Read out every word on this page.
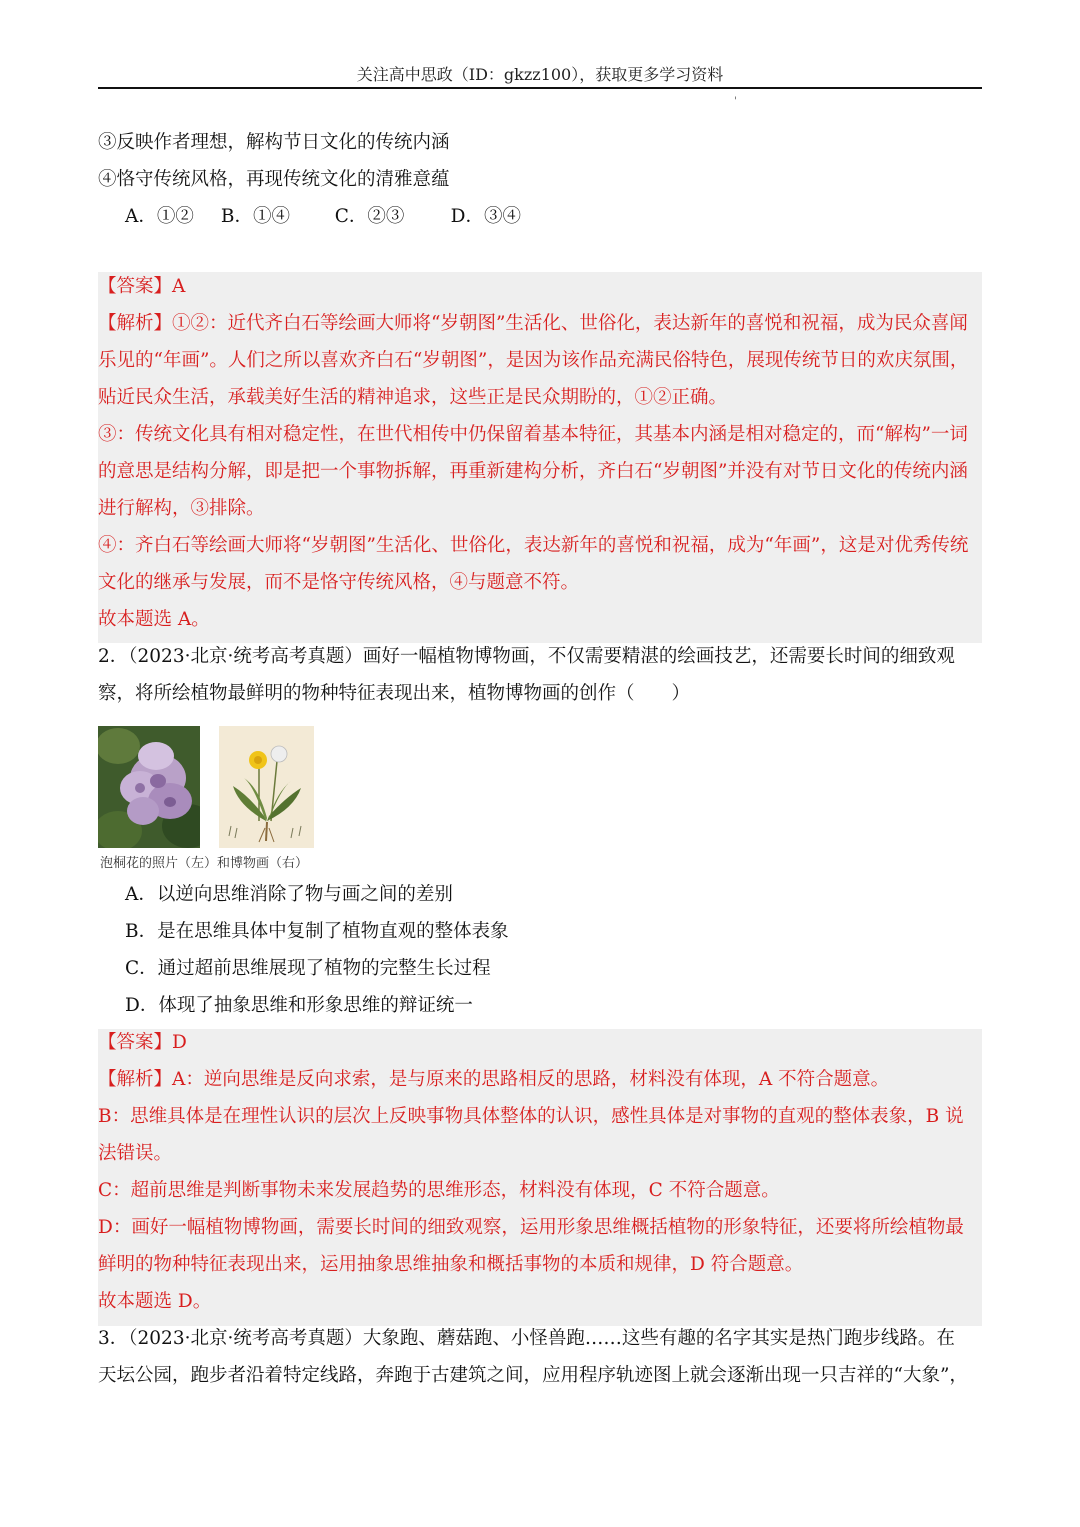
关注高中思政（ID：gkzz100），获取更多学习资料
'
③反映作者理想，解构节日文化的传统内涵
④恪守传统风格，再现传统文化的清雅意蕴
A．①② B．①④ C．②③ D．③④
【答案】A
【解析】①②：近代齐白石等绘画大师将“岁朝图”生活化、世俗化，表达新年的喜悦和祝福，成为民众喜闻
乐见的“年画”。人们之所以喜欢齐白石“岁朝图”，是因为该作品充满民俗特色，展现传统节日的欢庆氛围，
贴近民众生活，承载美好生活的精神追求，这些正是民众期盼的，①②正确。
③：传统文化具有相对稳定性，在世代相传中仍保留着基本特征，其基本内涵是相对稳定的，而“解构”一词
的意思是结构分解，即是把一个事物拆解，再重新建构分析，齐白石“岁朝图”并没有对节日文化的传统内涵
进行解构，③排除。
④：齐白石等绘画大师将“岁朝图”生活化、世俗化，表达新年的喜悦和祝福，成为“年画”，这是对优秀传统
文化的继承与发展，而不是恪守传统风格，④与题意不符。
故本题选 A。
2．（2023·北京·统考高考真题）画好一幅植物博物画，不仅需要精湛的绘画技艺，还需要长时间的细致观
察，将所绘植物最鲜明的物种特征表现出来，植物博物画的创作（　　）
泡桐花的照片（左）和博物画（右）
A．以逆向思维消除了物与画之间的差别
B．是在思维具体中复制了植物直观的整体表象
C．通过超前思维展现了植物的完整生长过程
D．体现了抽象思维和形象思维的辩证统一
【答案】D
【解析】A：逆向思维是反向求索，是与原来的思路相反的思路，材料没有体现，A 不符合题意。
B：思维具体是在理性认识的层次上反映事物具体整体的认识，感性具体是对事物的直观的整体表象，B 说
法错误。
C：超前思维是判断事物未来发展趋势的思维形态，材料没有体现，C 不符合题意。
D：画好一幅植物博物画，需要长时间的细致观察，运用形象思维概括植物的形象特征，还要将所绘植物最
鲜明的物种特征表现出来，运用抽象思维抽象和概括事物的本质和规律，D 符合题意。
故本题选 D。
3．（2023·北京·统考高考真题）大象跑、蘑菇跑、小怪兽跑……这些有趣的名字其实是热门跑步线路。在
天坛公园，跑步者沿着特定线路，奔跑于古建筑之间，应用程序轨迹图上就会逐渐出现一只吉祥的“大象”，
